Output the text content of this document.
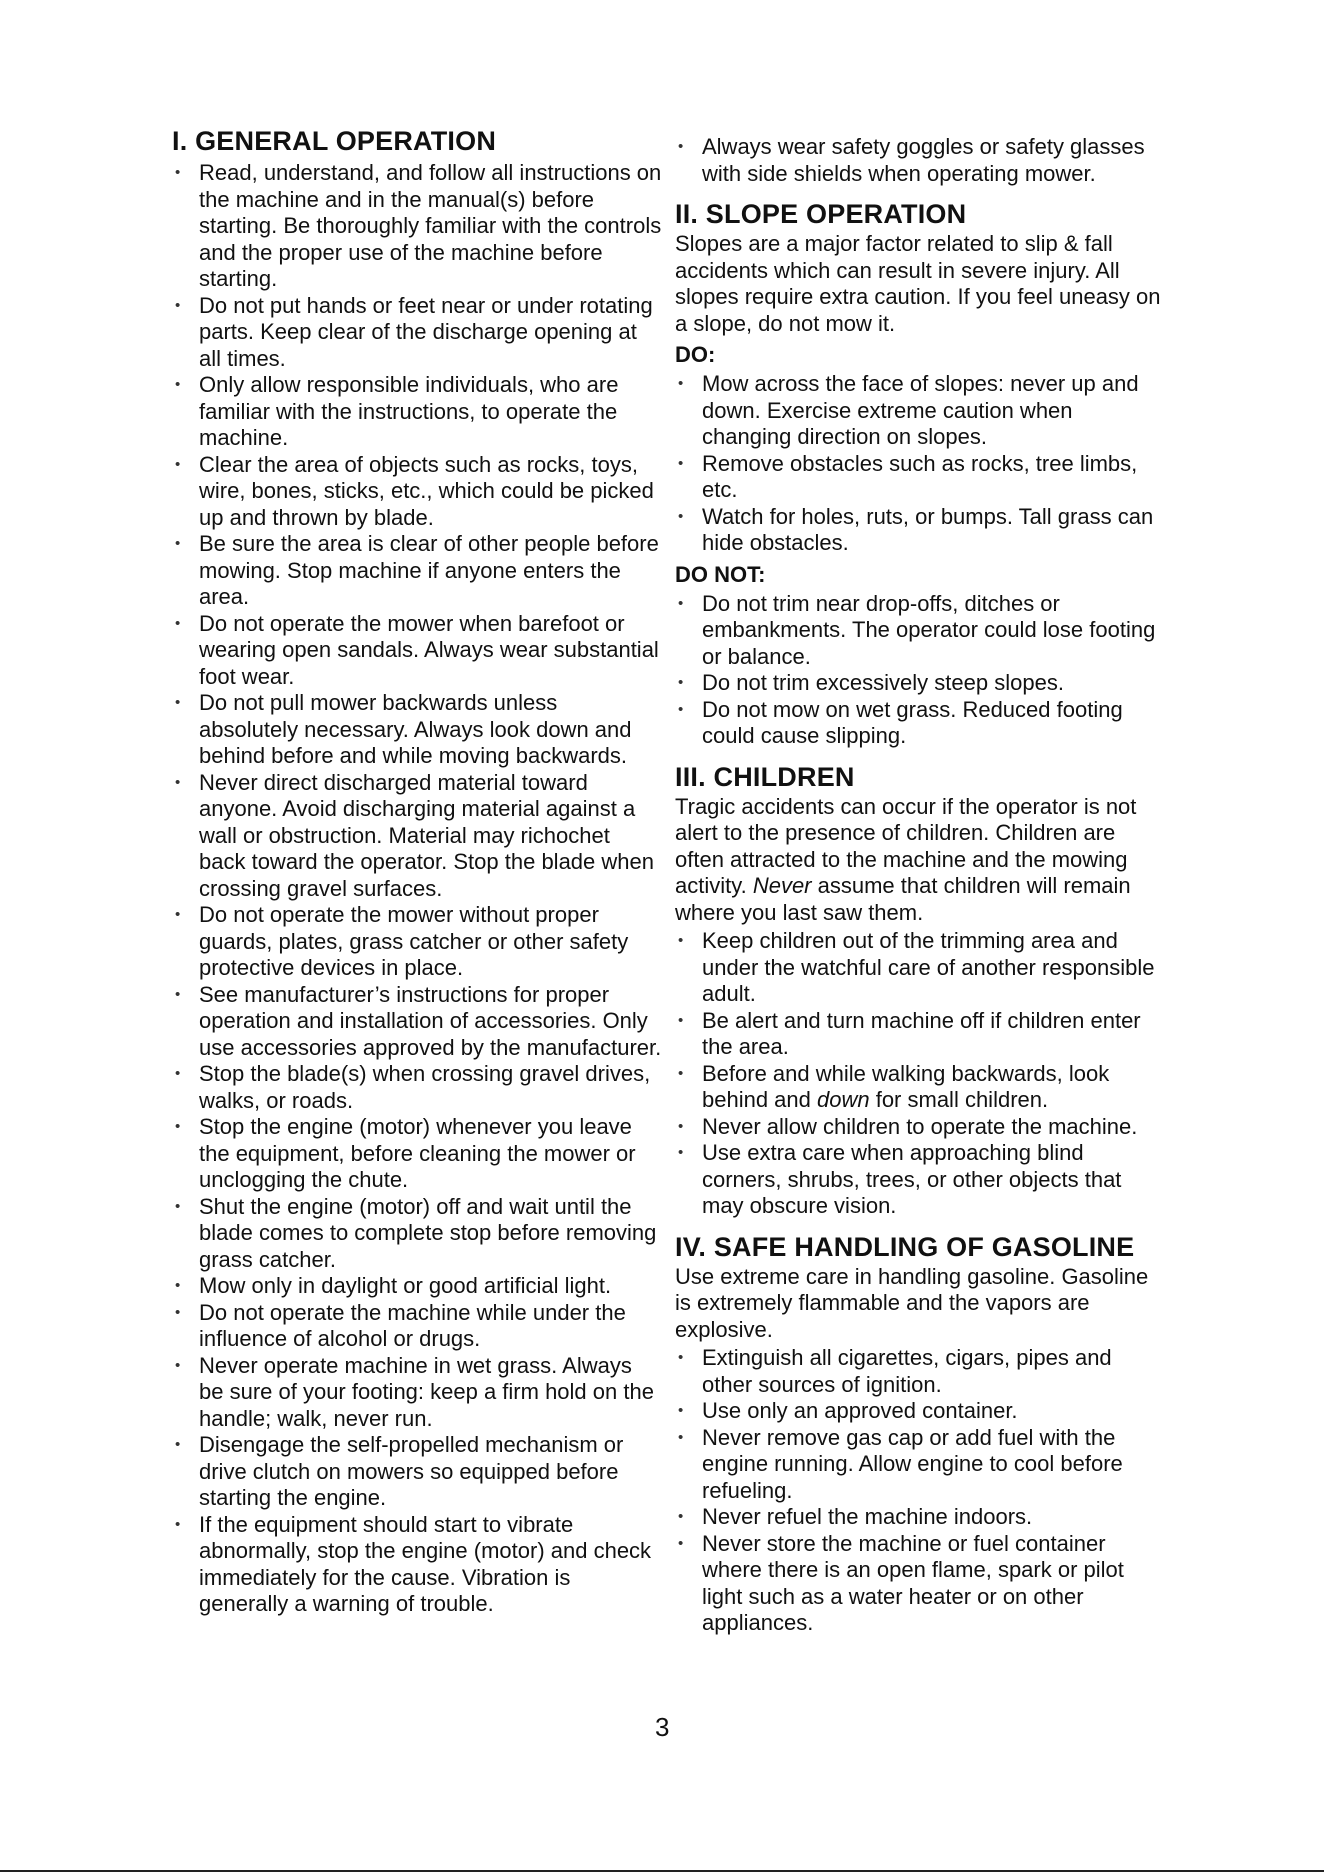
I. GENERAL OPERATION
• Read, understand, and follow all instructions on the machine and in the manual(s) before starting. Be thoroughly familiar with the controls and the proper use of the machine before starting.
• Do not put hands or feet near or under rotating parts. Keep clear of the discharge opening at all times.
• Only allow responsible individuals, who are familiar with the instructions, to operate the machine.
• Clear the area of objects such as rocks, toys, wire, bones, sticks, etc., which could be picked up and thrown by blade.
• Be sure the area is clear of other people before mowing. Stop machine if anyone enters the area.
• Do not operate the mower when barefoot or wearing open sandals. Always wear substantial foot wear.
• Do not pull mower backwards unless absolutely necessary. Always look down and behind before and while moving backwards.
• Never direct discharged material toward anyone. Avoid discharging material against a wall or obstruction. Material may richochet back toward the operator. Stop the blade when crossing gravel surfaces.
• Do not operate the mower without proper guards, plates, grass catcher or other safety protective devices in place.
• See manufacturer’s instructions for proper operation and installation of accessories. Only use accessories approved by the manufacturer.
• Stop the blade(s) when crossing gravel drives, walks, or roads.
• Stop the engine (motor) whenever you leave the equipment, before cleaning the mower or unclogging the chute.
• Shut the engine (motor) off and wait until the blade comes to complete stop before removing grass catcher.
• Mow only in daylight or good artificial light.
• Do not operate the machine while under the influence of alcohol or drugs.
• Never operate machine in wet grass. Always be sure of your footing: keep a firm hold on the handle; walk, never run.
• Disengage the self-propelled mechanism or drive clutch on mowers so equipped before starting the engine.
• If the equipment should start to vibrate abnormally, stop the engine (motor) and check immediately for the cause. Vibration is generally a warning of trouble.
• Always wear safety goggles or safety glasses with side shields when operating mower.
II. SLOPE OPERATION

Slopes are a major factor related to slip & fall accidents which can result in severe injury. All slopes require extra caution. If you feel uneasy on a slope, do not mow it.

DO:
• Mow across the face of slopes: never up and down. Exercise extreme caution when changing direction on slopes.
• Remove obstacles such as rocks, tree limbs, etc.
• Watch for holes, ruts, or bumps. Tall grass can hide obstacles.
DO NOT:
• Do not trim near drop-offs, ditches or embankments. The operator could lose footing or balance.
• Do not trim excessively steep slopes.
• Do not mow on wet grass. Reduced footing could cause slipping.
III. CHILDREN

Tragic accidents can occur if the operator is not alert to the presence of children. Children are often attracted to the machine and the mowing activity. Never assume that children will remain where you last saw them.

• Keep children out of the trimming area and under the watchful care of another responsible adult.
• Be alert and turn machine off if children enter the area.
• Before and while walking backwards, look behind and down for small children.
• Never allow children to operate the machine.
• Use extra care when approaching blind corners, shrubs, trees, or other objects that may obscure vision.
IV. SAFE HANDLING OF GASOLINE

Use extreme care in handling gasoline. Gasoline is extremely flammable and the vapors are explosive.

• Extinguish all cigarettes, cigars, pipes and other sources of ignition.
• Use only an approved container.
• Never remove gas cap or add fuel with the engine running. Allow engine to cool before refueling.
• Never refuel the machine indoors.
• Never store the machine or fuel container where there is an open flame, spark or pilot light such as a water heater or on other appliances.
3
